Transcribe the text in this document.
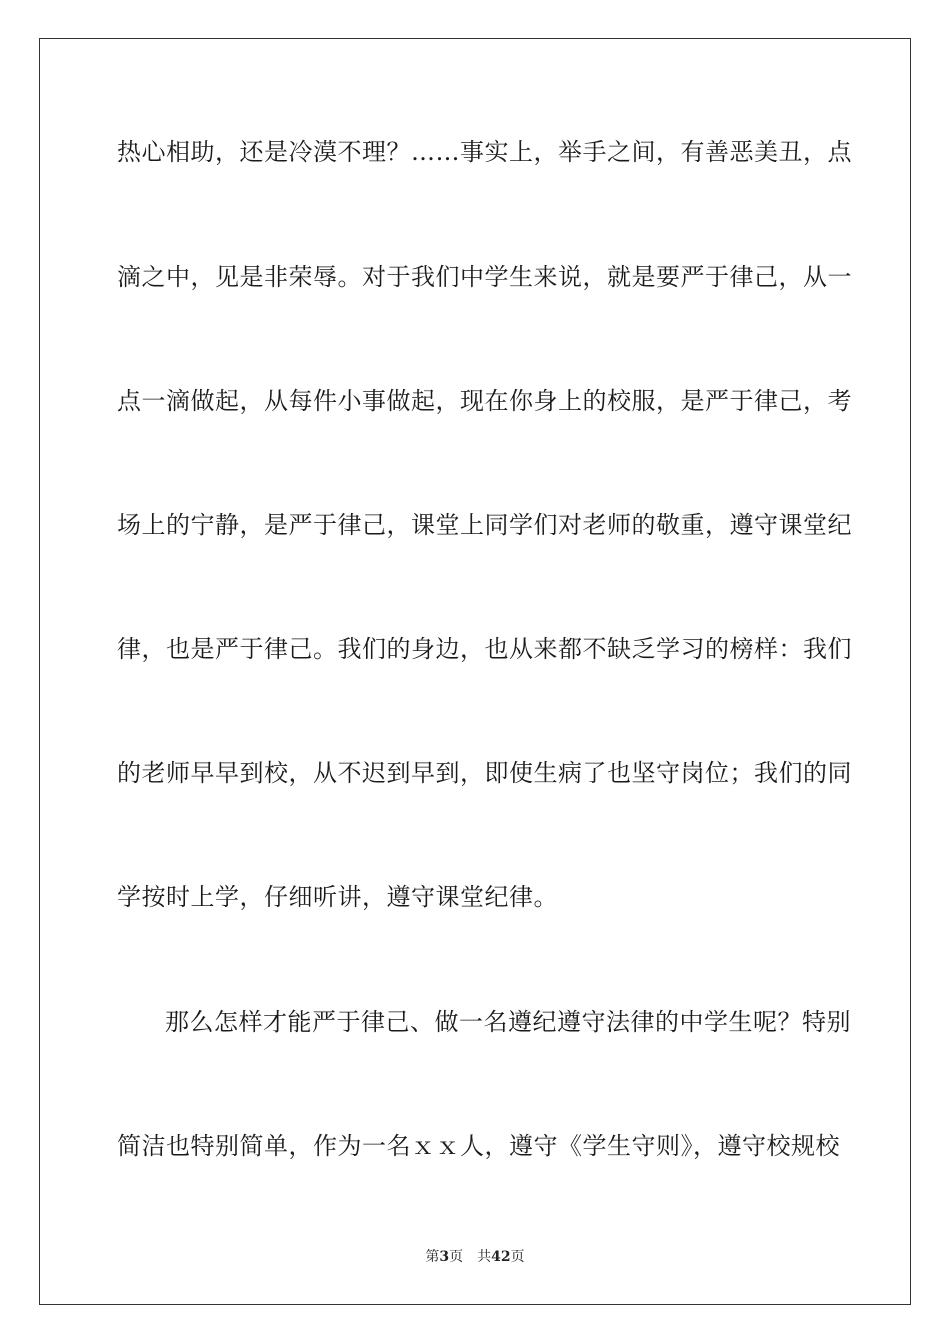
热心相助，还是冷漠不理？……事实上，举手之间，有善恶美丑，点
滴之中，见是非荣辱。对于我们中学生来说，就是要严于律己，从一
点一滴做起，从每件小事做起，现在你身上的校服，是严于律己，考
场上的宁静，是严于律己，课堂上同学们对老师的敬重，遵守课堂纪
律，也是严于律己。我们的身边，也从来都不缺乏学习的榜样：我们
的老师早早到校，从不迟到早到，即使生病了也坚守岗位；我们的同
学按时上学，仔细听讲，遵守课堂纪律。
那么怎样才能严于律己、做一名遵纪遵守法律的中学生呢？特别
简洁也特别简单，作为一名ｘｘ人，遵守《学生守则》，遵守校规校
第3页 共42页
